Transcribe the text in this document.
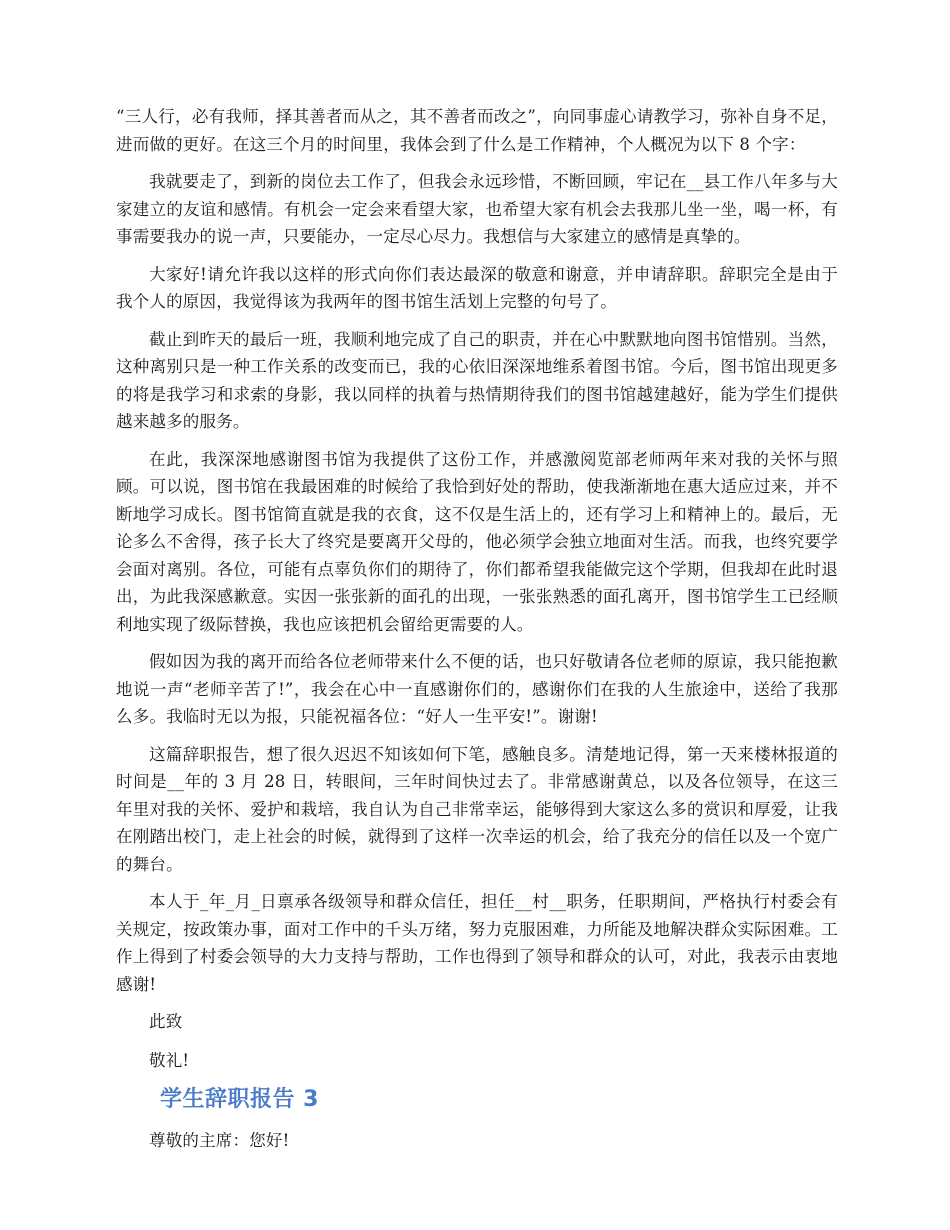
“三人行，必有我师，择其善者而从之，其不善者而改之”，向同事虚心请教学习，弥补自身不足，进而做的更好。在这三个月的时间里，我体会到了什么是工作精神，个人概况为以下 8 个字：

我就要走了，到新的岗位去工作了，但我会永远珍惜，不断回顾，牢记在__县工作八年多与大家建立的友谊和感情。有机会一定会来看望大家，也希望大家有机会去我那儿坐一坐，喝一杯，有事需要我办的说一声，只要能办，一定尽心尽力。我想信与大家建立的感情是真挚的。

大家好!请允许我以这样的形式向你们表达最深的敬意和谢意，并申请辞职。辞职完全是由于我个人的原因，我觉得该为我两年的图书馆生活划上完整的句号了。

截止到昨天的最后一班，我顺利地完成了自己的职责，并在心中默默地向图书馆惜别。当然，这种离别只是一种工作关系的改变而已，我的心依旧深深地维系着图书馆。今后，图书馆出现更多的将是我学习和求索的身影，我以同样的执着与热情期待我们的图书馆越建越好，能为学生们提供越来越多的服务。

在此，我深深地感谢图书馆为我提供了这份工作，并感激阅览部老师两年来对我的关怀与照顾。可以说，图书馆在我最困难的时候给了我恰到好处的帮助，使我渐渐地在惠大适应过来，并不断地学习成长。图书馆简直就是我的衣食，这不仅是生活上的，还有学习上和精神上的。最后，无论多么不舍得，孩子长大了终究是要离开父母的，他必须学会独立地面对生活。而我，也终究要学会面对离别。各位，可能有点辜负你们的期待了，你们都希望我能做完这个学期，但我却在此时退出，为此我深感歉意。实因一张张新的面孔的出现，一张张熟悉的面孔离开，图书馆学生工已经顺利地实现了级际替换，我也应该把机会留给更需要的人。

假如因为我的离开而给各位老师带来什么不便的话，也只好敬请各位老师的原谅，我只能抱歉地说一声“老师辛苦了!”，我会在心中一直感谢你们的，感谢你们在我的人生旅途中，送给了我那么多。我临时无以为报，只能祝福各位：“好人一生平安!”。谢谢!

这篇辞职报告，想了很久迟迟不知该如何下笔，感触良多。清楚地记得，第一天来楼林报道的时间是__年的 3 月 28 日，转眼间，三年时间快过去了。非常感谢黄总，以及各位领导，在这三年里对我的关怀、爱护和栽培，我自认为自己非常幸运，能够得到大家这么多的赏识和厚爱，让我在刚踏出校门，走上社会的时候，就得到了这样一次幸运的机会，给了我充分的信任以及一个宽广的舞台。

本人于_年_月_日禀承各级领导和群众信任，担任__村__职务，任职期间，严格执行村委会有关规定，按政策办事，面对工作中的千头万绪，努力克服困难，力所能及地解决群众实际困难。工作上得到了村委会领导的大力支持与帮助，工作也得到了领导和群众的认可，对此，我表示由衷地感谢!

此致

敬礼!

学生辞职报告 3

尊敬的主席：您好!
